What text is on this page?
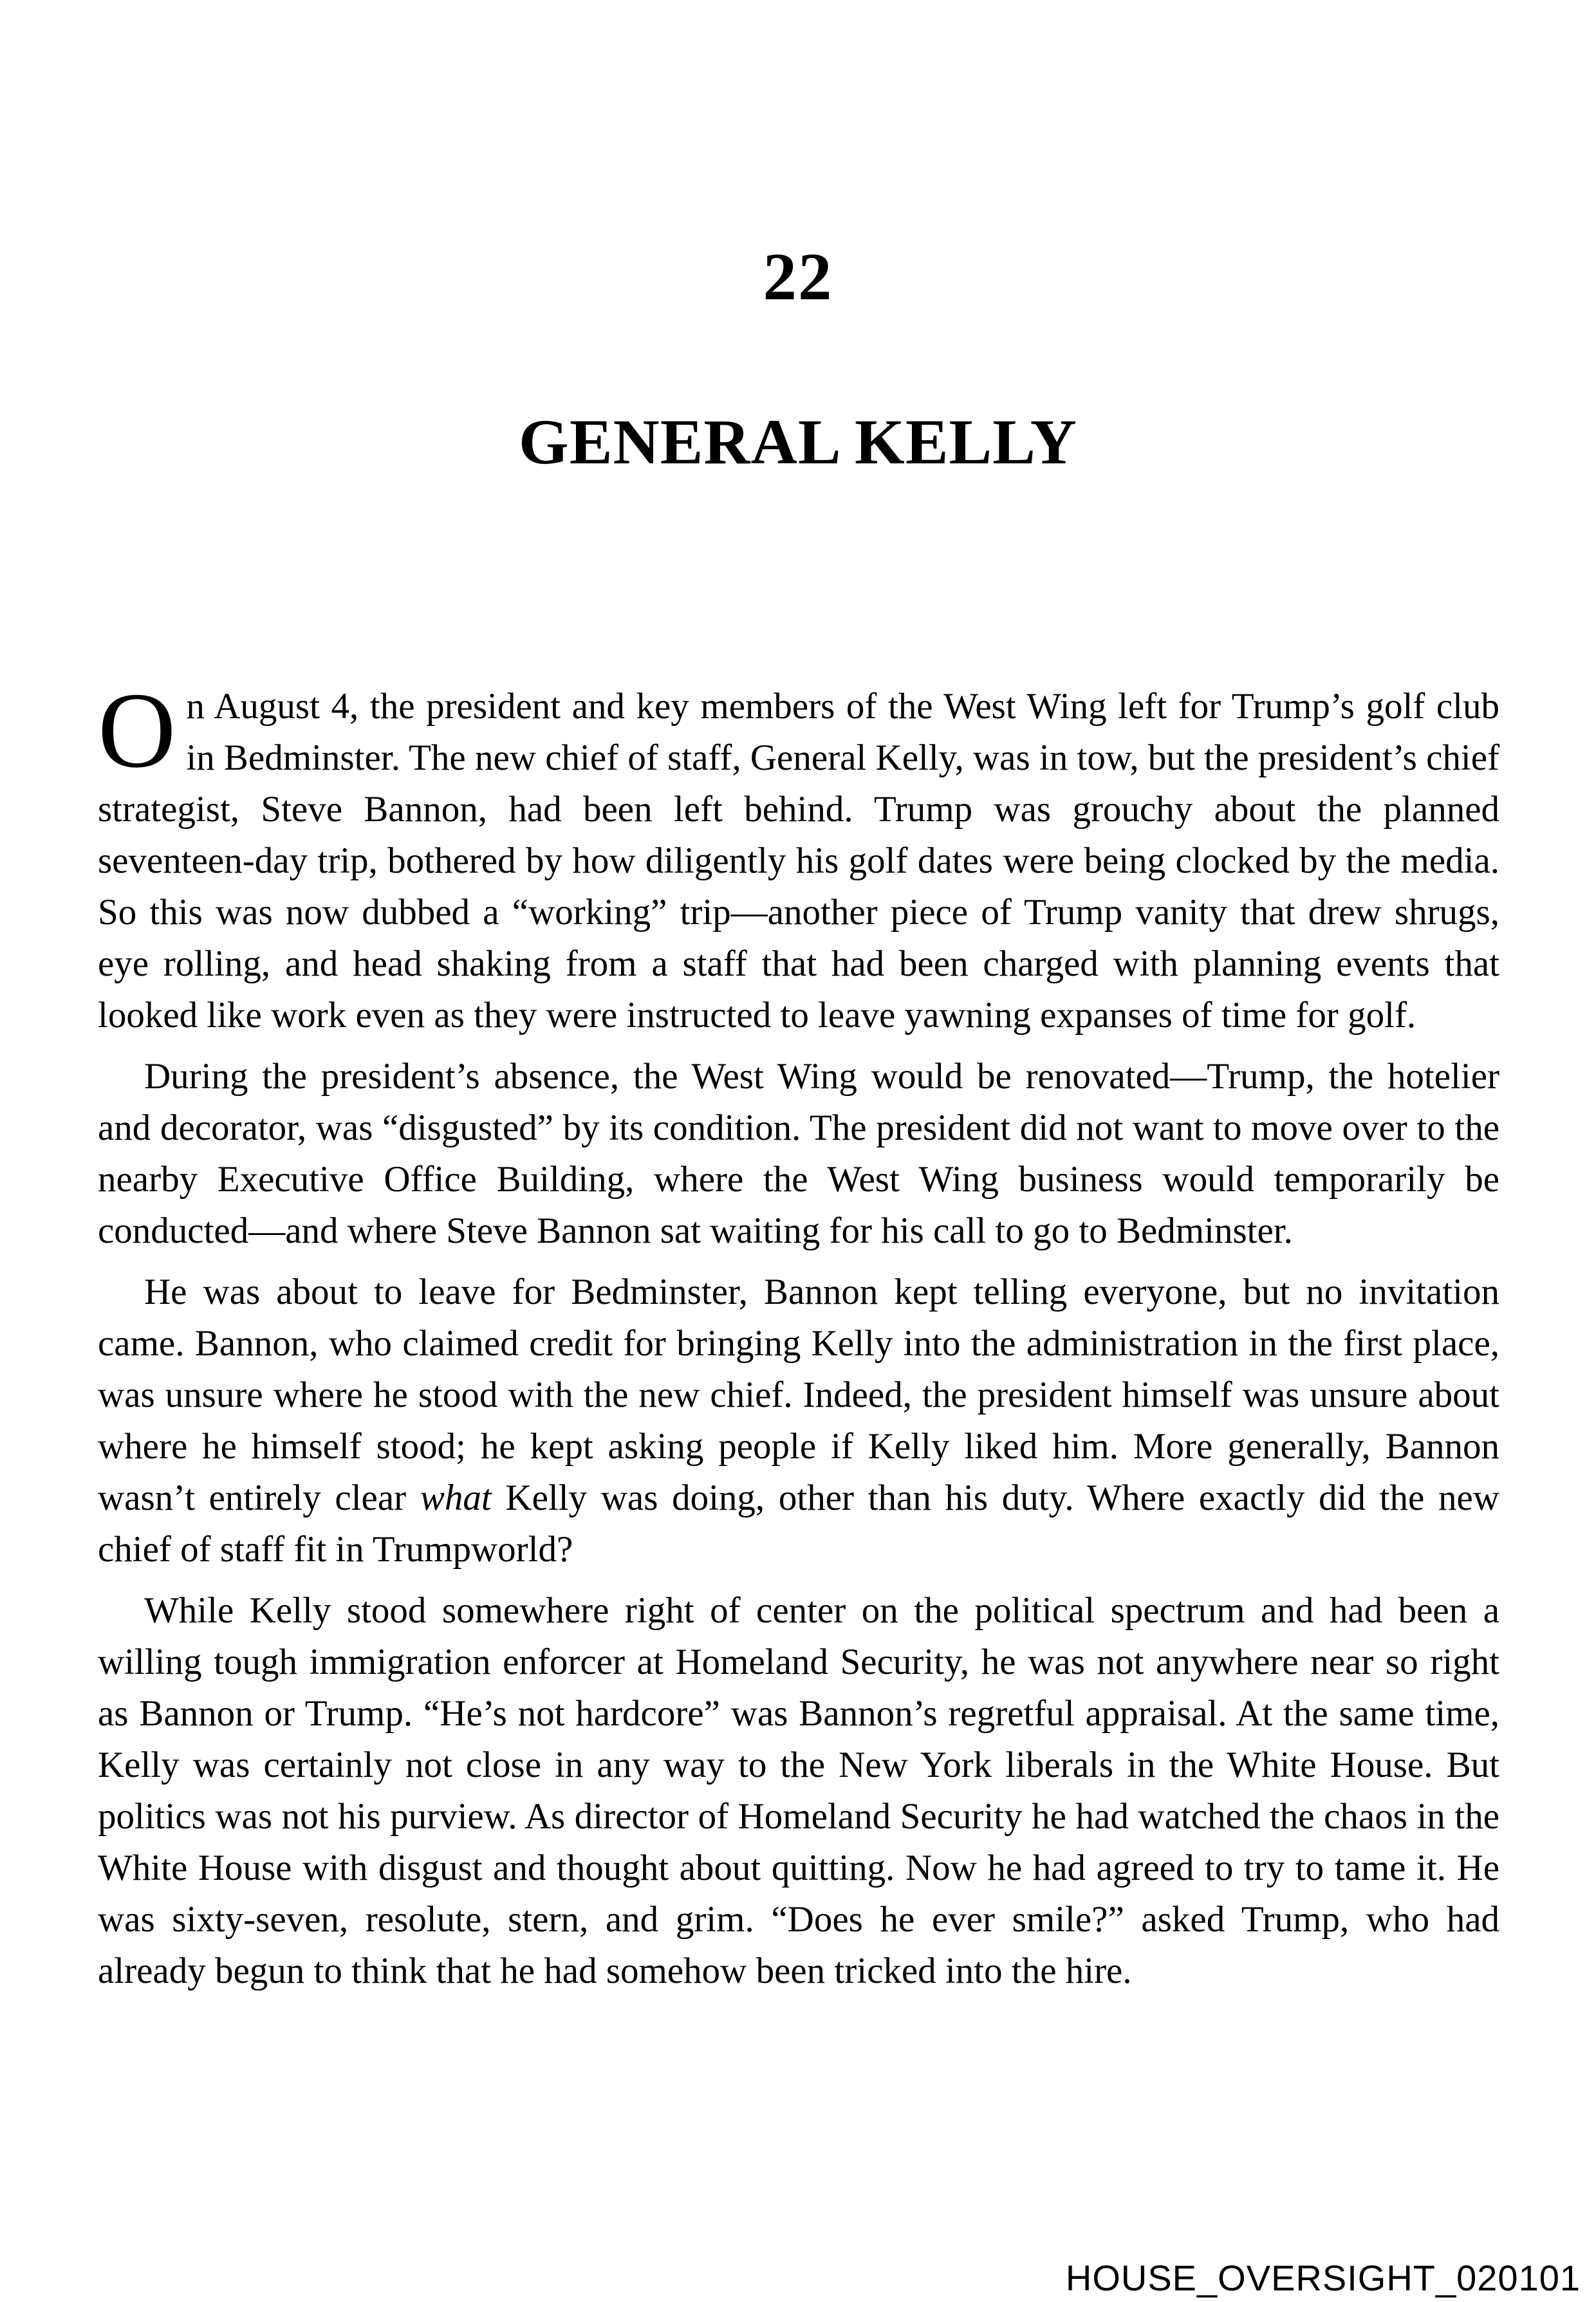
22
GENERAL KELLY

On August 4, the president and key members of the West Wing left for Trump’s golf club in Bedminster. The new chief of staff, General Kelly, was in tow, but the president’s chief strategist, Steve Bannon, had been left behind. Trump was grouchy about the planned seventeen-day trip, bothered by how diligently his golf dates were being clocked by the media. So this was now dubbed a “working” trip—another piece of Trump vanity that drew shrugs, eye rolling, and head shaking from a staff that had been charged with planning events that looked like work even as they were instructed to leave yawning expanses of time for golf.

During the president’s absence, the West Wing would be renovated—Trump, the hotelier and decorator, was “disgusted” by its condition. The president did not want to move over to the nearby Executive Office Building, where the West Wing business would temporarily be conducted—and where Steve Bannon sat waiting for his call to go to Bedminster.

He was about to leave for Bedminster, Bannon kept telling everyone, but no invitation came. Bannon, who claimed credit for bringing Kelly into the administration in the first place, was unsure where he stood with the new chief. Indeed, the president himself was unsure about where he himself stood; he kept asking people if Kelly liked him. More generally, Bannon wasn’t entirely clear what Kelly was doing, other than his duty. Where exactly did the new chief of staff fit in Trumpworld?

While Kelly stood somewhere right of center on the political spectrum and had been a willing tough immigration enforcer at Homeland Security, he was not anywhere near so right as Bannon or Trump. “He’s not hardcore” was Bannon’s regretful appraisal. At the same time, Kelly was certainly not close in any way to the New York liberals in the White House. But politics was not his purview. As director of Homeland Security he had watched the chaos in the White House with disgust and thought about quitting. Now he had agreed to try to tame it. He was sixty-seven, resolute, stern, and grim. “Does he ever smile?” asked Trump, who had already begun to think that he had somehow been tricked into the hire.

HOUSE_OVERSIGHT_020101
